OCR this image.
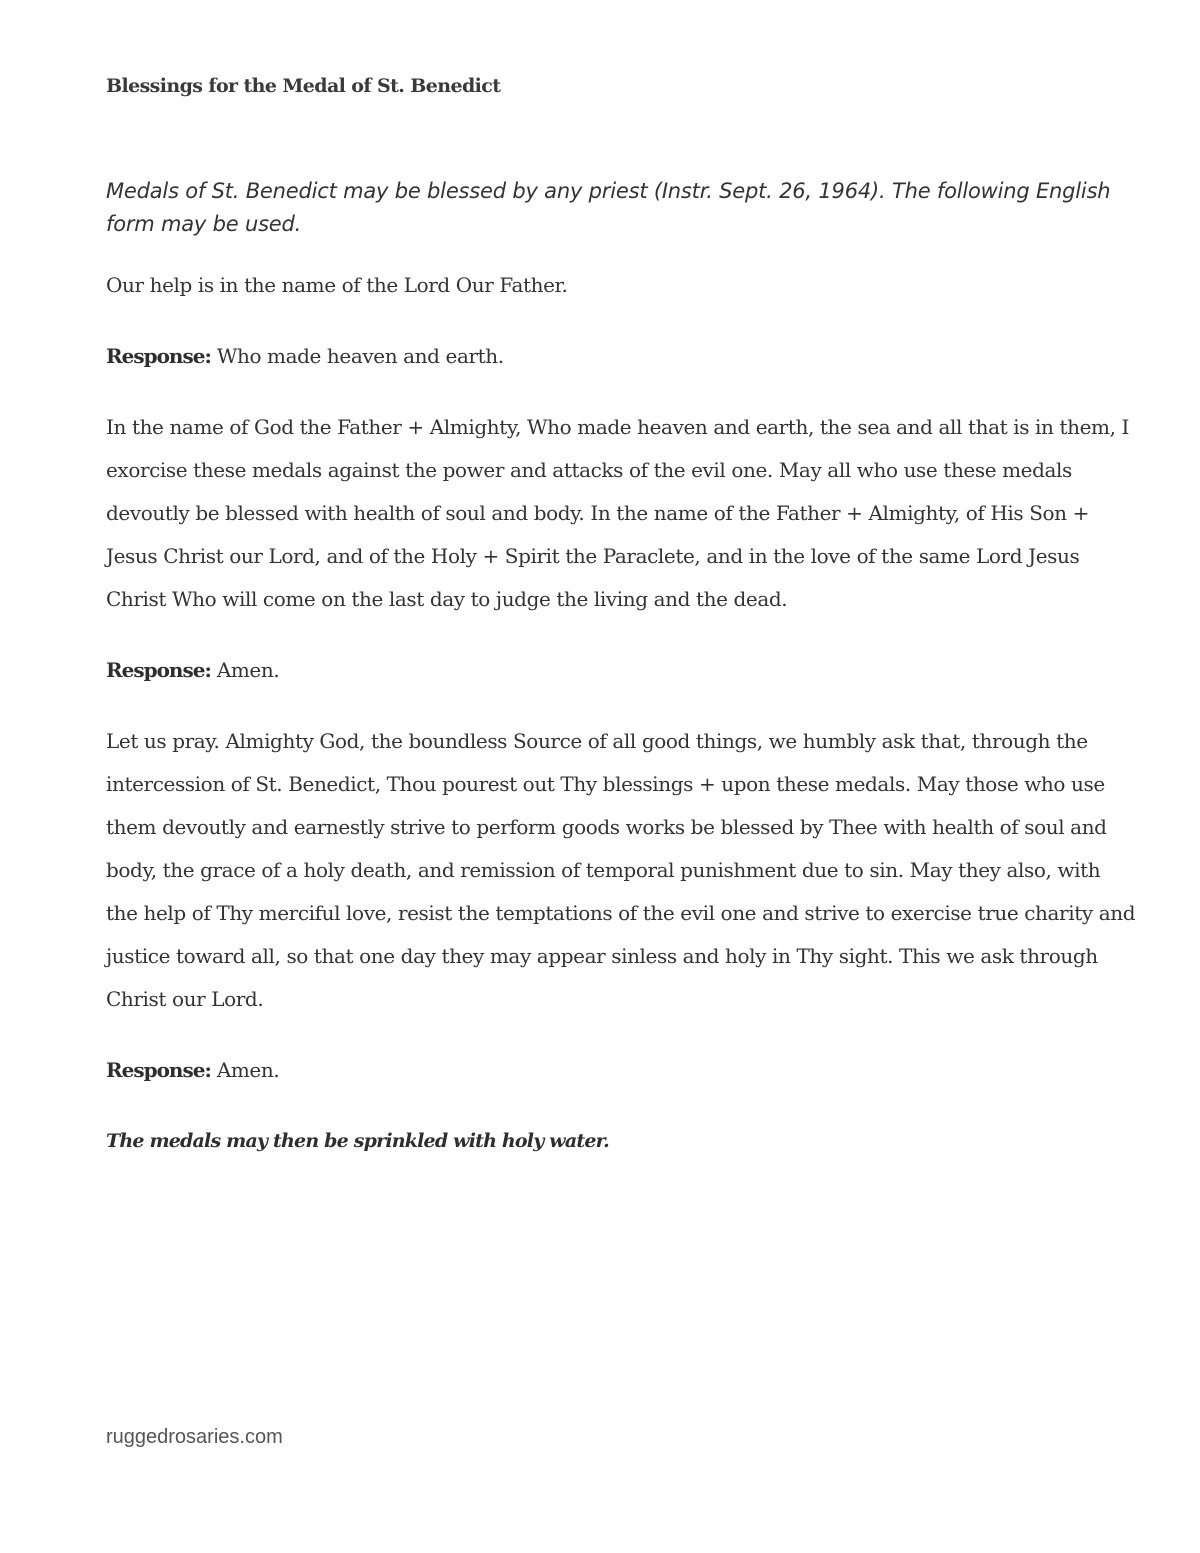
Blessings for the Medal of St. Benedict

Medals of St. Benedict may be blessed by any priest (Instr. Sept. 26, 1964). The following English form may be used.

Our help is in the name of the Lord Our Father.

Response: Who made heaven and earth.

In the name of God the Father + Almighty, Who made heaven and earth, the sea and all that is in them, I exorcise these medals against the power and attacks of the evil one. May all who use these medals devoutly be blessed with health of soul and body. In the name of the Father + Almighty, of His Son + Jesus Christ our Lord, and of the Holy + Spirit the Paraclete, and in the love of the same Lord Jesus Christ Who will come on the last day to judge the living and the dead.

Response: Amen.

Let us pray. Almighty God, the boundless Source of all good things, we humbly ask that, through the intercession of St. Benedict, Thou pourest out Thy blessings + upon these medals. May those who use them devoutly and earnestly strive to perform goods works be blessed by Thee with health of soul and body, the grace of a holy death, and remission of temporal punishment due to sin. May they also, with the help of Thy merciful love, resist the temptations of the evil one and strive to exercise true charity and justice toward all, so that one day they may appear sinless and holy in Thy sight. This we ask through Christ our Lord.

Response: Amen.

The medals may then be sprinkled with holy water.

ruggedrosaries.com
